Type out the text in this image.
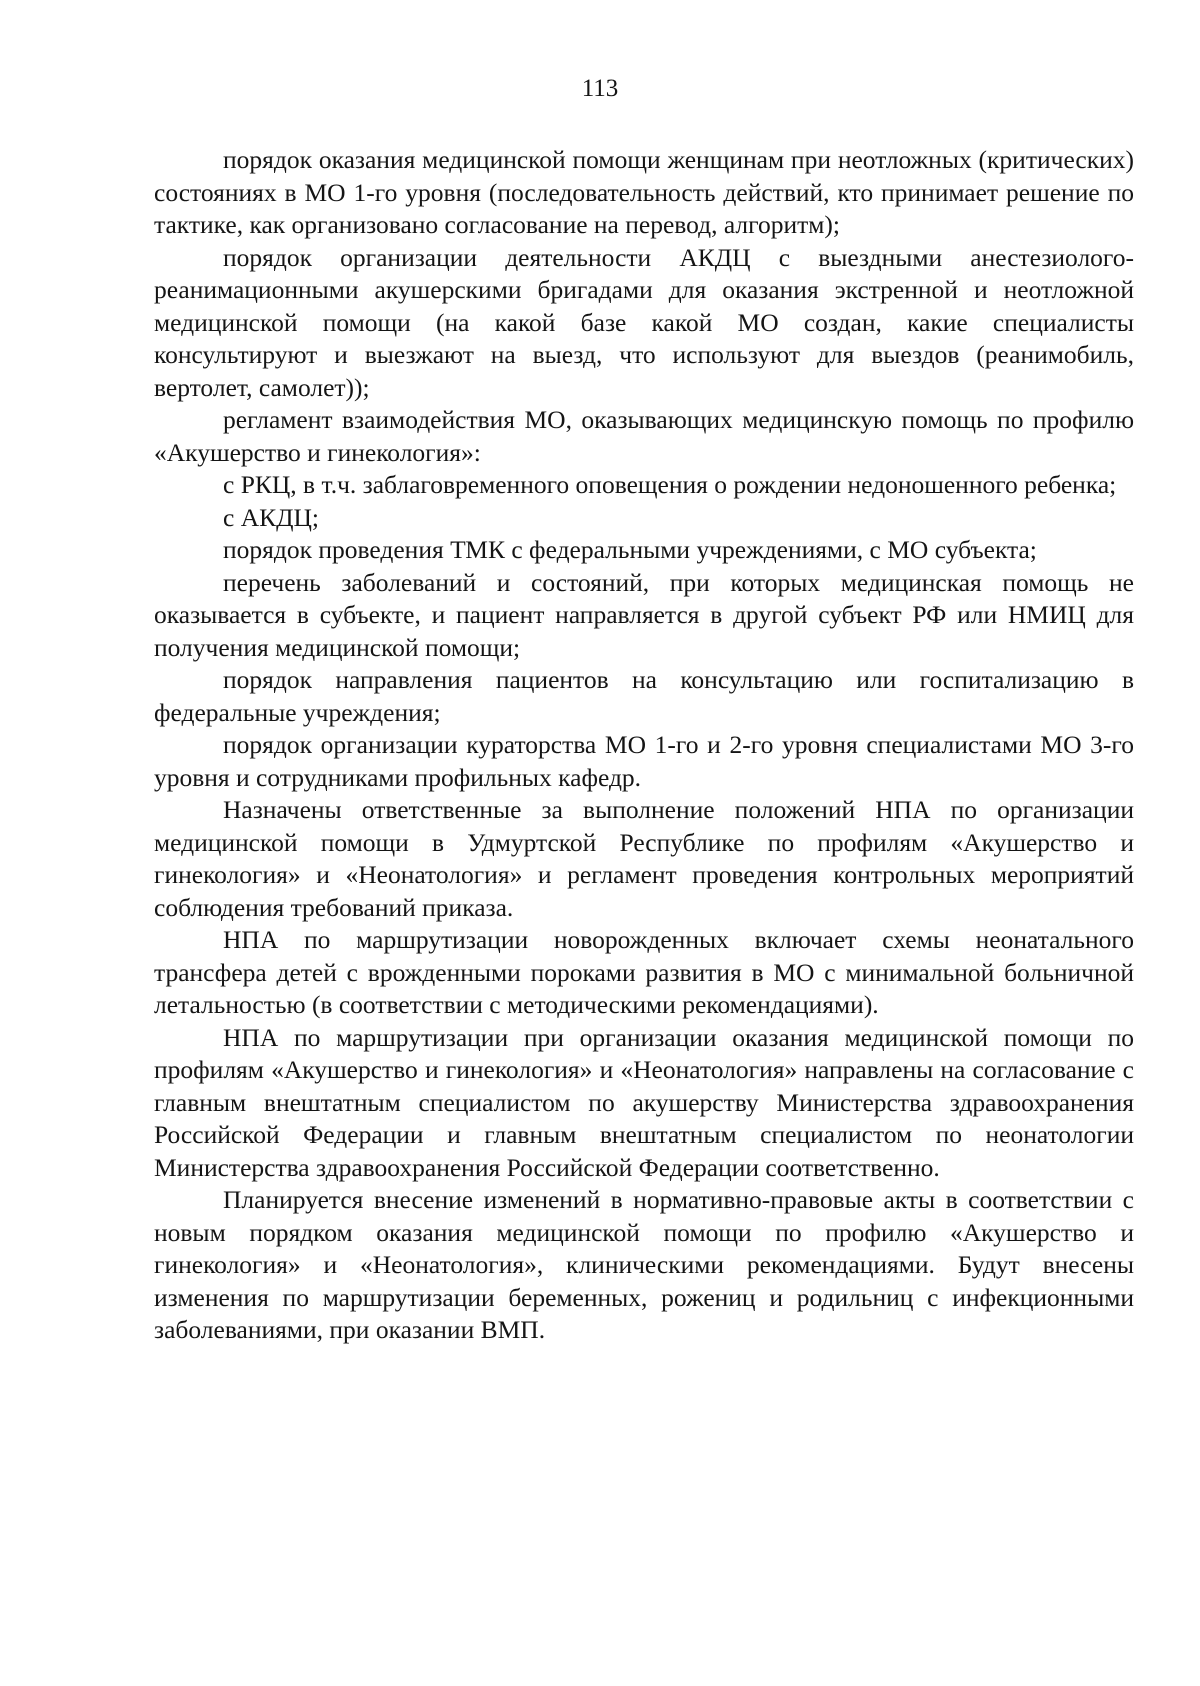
113

порядок оказания медицинской помощи женщинам при неотложных (критических) состояниях в МО 1-го уровня (последовательность действий, кто принимает решение по тактике, как организовано согласование на перевод, алгоритм);

порядок организации деятельности АКДЦ с выездными анестезиолого-реанимационными акушерскими бригадами для оказания экстренной и неотложной медицинской помощи (на какой базе какой МО создан, какие специалисты консультируют и выезжают на выезд, что используют для выездов (реанимобиль, вертолет, самолет));

регламент взаимодействия МО, оказывающих медицинскую помощь по профилю «Акушерство и гинекология»:

с РКЦ, в т.ч. заблаговременного оповещения о рождении недоношенного ребенка;

с АКДЦ;

порядок проведения ТМК с федеральными учреждениями, с МО субъекта;

перечень заболеваний и состояний, при которых медицинская помощь не оказывается в субъекте, и пациент направляется в другой субъект РФ или НМИЦ для получения медицинской помощи;

порядок направления пациентов на консультацию или госпитализацию в федеральные учреждения;

порядок организации кураторства МО 1-го и 2-го уровня специалистами МО 3-го уровня и сотрудниками профильных кафедр.

Назначены ответственные за выполнение положений НПА по организации медицинской помощи в Удмуртской Республике по профилям «Акушерство и гинекология» и «Неонатология» и регламент проведения контрольных мероприятий соблюдения требований приказа.

НПА по маршрутизации новорожденных включает схемы неонатального трансфера детей с врожденными пороками развития в МО с минимальной больничной летальностью (в соответствии с методическими рекомендациями).

НПА по маршрутизации при организации оказания медицинской помощи по профилям «Акушерство и гинекология» и «Неонатология» направлены на согласование с главным внештатным специалистом по акушерству Министерства здравоохранения Российской Федерации и главным внештатным специалистом по неонатологии Министерства здравоохранения Российской Федерации соответственно.

Планируется внесение изменений в нормативно-правовые акты в соответствии с новым порядком оказания медицинской помощи по профилю «Акушерство и гинекология» и «Неонатология», клиническими рекомендациями. Будут внесены изменения по маршрутизации беременных, рожениц и родильниц с инфекционными заболеваниями, при оказании ВМП.
